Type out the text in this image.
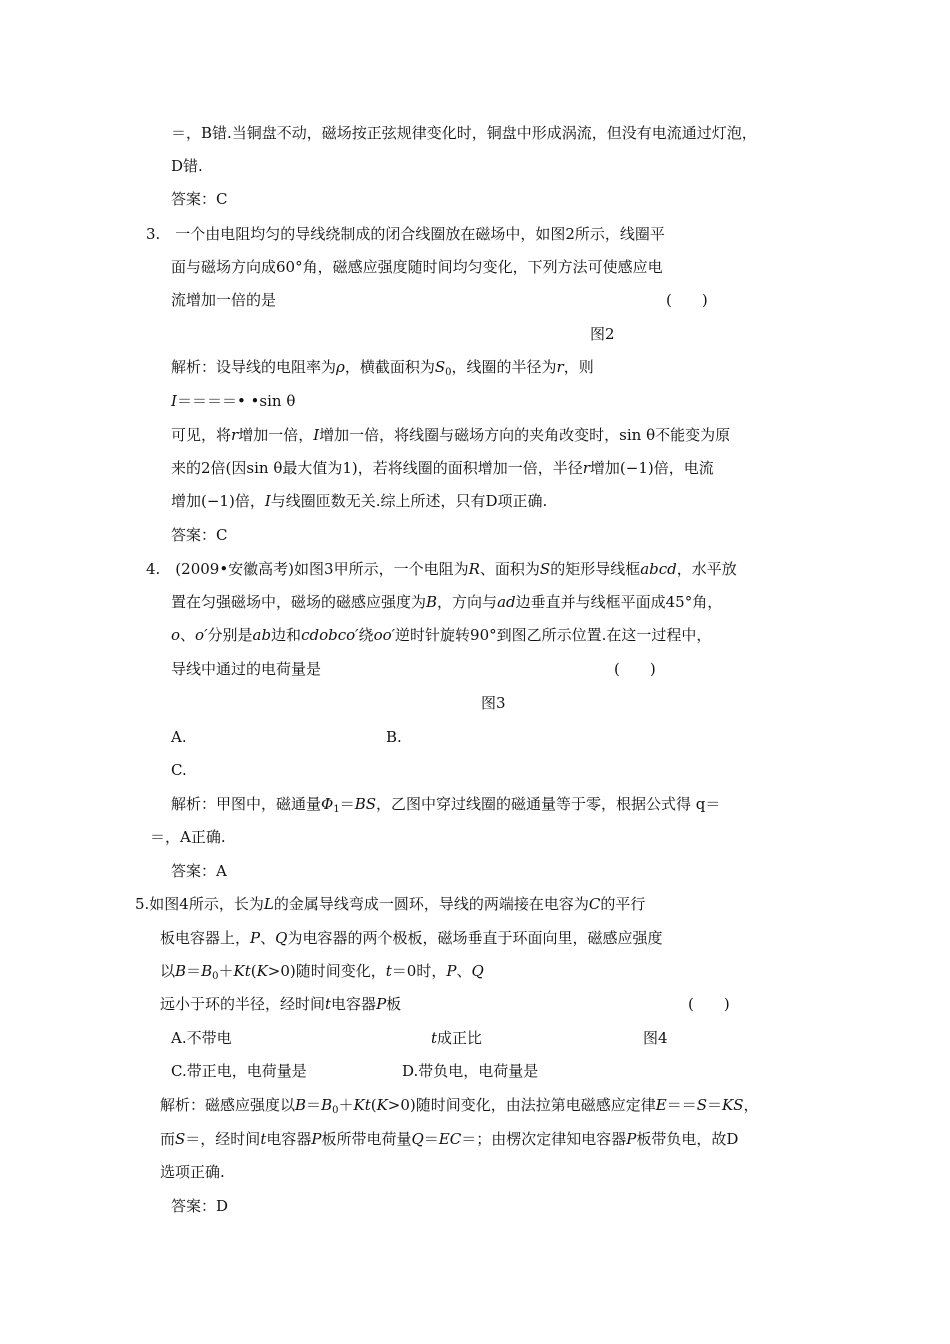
＝，B错.当铜盘不动，磁场按正弦规律变化时，铜盘中形成涡流，但没有电流通过灯泡，
D错.
答案：C
3.　一个由电阻均匀的导线绕制成的闭合线圈放在磁场中，如图2所示，线圈平
面与磁场方向成60°角，磁感应强度随时间均匀变化，下列方法可使感应电
流增加一倍的是	(　　)
图2
解析：设导线的电阻率为ρ，横截面积为$S_0$，线圈的半径为r，则
I＝＝＝＝• •sin θ
可见，将r增加一倍，I增加一倍，将线圈与磁场方向的夹角改变时，sin θ不能变为原
来的2倍(因sin θ最大值为1)，若将线圈的面积增加一倍，半径r增加(−1)倍，电流
增加(−1)倍，I与线圈匝数无关.综上所述，只有D项正确.
答案：C
4.　(2009•安徽高考)如图3甲所示，一个电阻为R、面积为S的矩形导线框abcd，水平放
置在匀强磁场中，磁场的磁感应强度为B，方向与ad边垂直并与线框平面成45°角，
o、o′分别是ab边和cdobco′绕oo′逆时针旋转90°到图乙所示位置.在这一过程中，
导线中通过的电荷量是	(　　)
图3
A.	B.
C.
解析：甲图中，磁通量$\Phi_1=BS$，乙图中穿过线圈的磁通量等于零，根据公式得 q＝
＝，A正确.
答案：A
5.如图4所示，长为L的金属导线弯成一圆环，导线的两端接在电容为C的平行
板电容器上，P、Q为电容器的两个极板，磁场垂直于环面向里，磁感应强度
以$B=B_0+Kt(K>0)$随时间变化，t＝0时，P、Q
远小于环的半径，经时间t电容器P板	(　　)
A.不带电	t成正比	图4
C.带正电，电荷量是	D.带负电，电荷量是
解析：磁感应强度以$B=B_0+Kt(K>0)$随时间变化，由法拉第电磁感应定律E＝＝S＝KS，
而S＝，经时间t电容器P板所带电荷量Q＝EC＝；由楞次定律知电容器P板带负电，故D
选项正确.
答案：D
